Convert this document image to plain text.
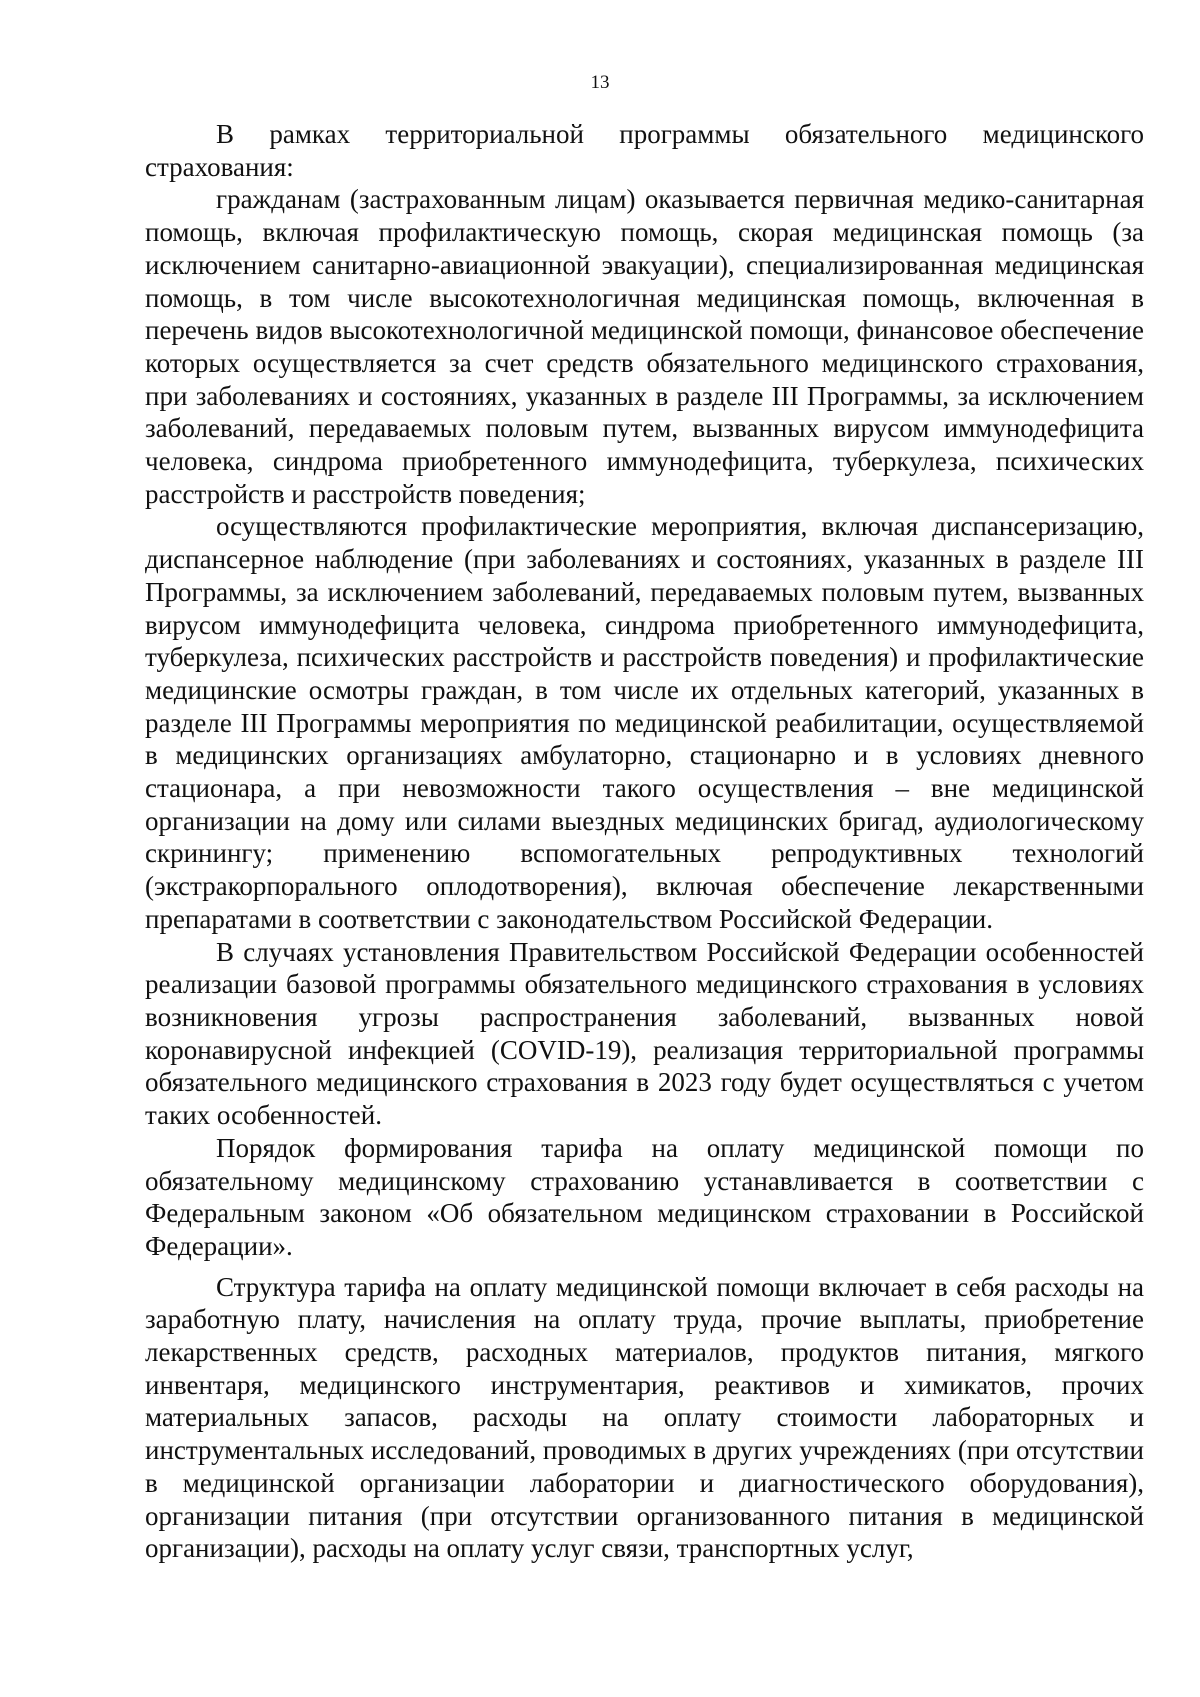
13

В рамках территориальной программы обязательного медицинского страхования:

гражданам (застрахованным лицам) оказывается первичная медико-санитарная помощь, включая профилактическую помощь, скорая медицинская помощь (за исключением санитарно-авиационной эвакуации), специализированная медицинская помощь, в том числе высокотехнологичная медицинская помощь, включенная в перечень видов высокотехнологичной медицинской помощи, финансовое обеспечение которых осуществляется за счет средств обязательного медицинского страхования, при заболеваниях и состояниях, указанных в разделе III Программы, за исключением заболеваний, передаваемых половым путем, вызванных вирусом иммунодефицита человека, синдрома приобретенного иммунодефицита, туберкулеза, психических расстройств и расстройств поведения;

осуществляются профилактические мероприятия, включая диспансеризацию, диспансерное наблюдение (при заболеваниях и состояниях, указанных в разделе III Программы, за исключением заболеваний, передаваемых половым путем, вызванных вирусом иммунодефицита человека, синдрома приобретенного иммунодефицита, туберкулеза, психических расстройств и расстройств поведения) и профилактические медицинские осмотры граждан, в том числе их отдельных категорий, указанных в разделе III Программы мероприятия по медицинской реабилитации, осуществляемой в медицинских организациях амбулаторно, стационарно и в условиях дневного стационара, а при невозможности такого осуществления – вне медицинской организации на дому или силами выездных медицинских бригад, аудиологическому скринингу; применению вспомогательных репродуктивных технологий (экстракорпорального оплодотворения), включая обеспечение лекарственными препаратами в соответствии с законодательством Российской Федерации.

В случаях установления Правительством Российской Федерации особенностей реализации базовой программы обязательного медицинского страхования в условиях возникновения угрозы распространения заболеваний, вызванных новой коронавирусной инфекцией (COVID-19), реализация территориальной программы обязательного медицинского страхования в 2023 году будет осуществляться с учетом таких особенностей.

Порядок формирования тарифа на оплату медицинской помощи по обязательному медицинскому страхованию устанавливается в соответствии с Федеральным законом «Об обязательном медицинском страховании в Российской Федерации».

Структура тарифа на оплату медицинской помощи включает в себя расходы на заработную плату, начисления на оплату труда, прочие выплаты, приобретение лекарственных средств, расходных материалов, продуктов питания, мягкого инвентаря, медицинского инструментария, реактивов и химикатов, прочих материальных запасов, расходы на оплату стоимости лабораторных и инструментальных исследований, проводимых в других учреждениях (при отсутствии в медицинской организации лаборатории и диагностического оборудования), организации питания (при отсутствии организованного питания в медицинской организации), расходы на оплату услуг связи, транспортных услуг,
